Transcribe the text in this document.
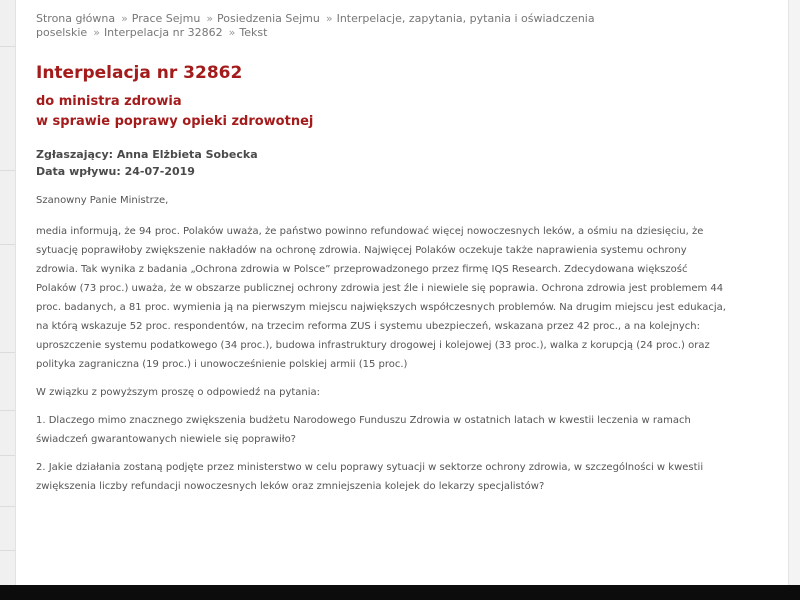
Strona główna » Prace Sejmu » Posiedzenia Sejmu » Interpelacje, zapytania, pytania i oświadczenia poselskie » Interpelacja nr 32862 » Tekst
Interpelacja nr 32862
do ministra zdrowia
w sprawie poprawy opieki zdrowotnej
Zgłaszający: Anna Elżbieta Sobecka
Data wpływu: 24-07-2019

Szanowny Panie Ministrze,

media informują, że 94 proc. Polaków uważa, że państwo powinno refundować więcej nowoczesnych leków, a ośmiu na dziesięciu, że sytuację poprawiłoby zwiększenie nakładów na ochronę zdrowia. Najwięcej Polaków oczekuje także naprawienia systemu ochrony zdrowia. Tak wynika z badania „Ochrona zdrowia w Polsce” przeprowadzonego przez firmę IQS Research. Zdecydowana większość Polaków (73 proc.) uważa, że w obszarze publicznej ochrony zdrowia jest źle i niewiele się poprawia. Ochrona zdrowia jest problemem 44 proc. badanych, a 81 proc. wymienia ją na pierwszym miejscu największych współczesnych problemów. Na drugim miejscu jest edukacja, na którą wskazuje 52 proc. respondentów, na trzecim reforma ZUS i systemu ubezpieczeń, wskazana przez 42 proc., a na kolejnych: uproszczenie systemu podatkowego (34 proc.), budowa infrastruktury drogowej i kolejowej (33 proc.), walka z korupcją (24 proc.) oraz polityka zagraniczna (19 proc.) i unowocześnienie polskiej armii (15 proc.)

W związku z powyższym proszę o odpowiedź na pytania:

1. Dlaczego mimo znacznego zwiększenia budżetu Narodowego Funduszu Zdrowia w ostatnich latach w kwestii leczenia w ramach świadczeń gwarantowanych niewiele się poprawiło?

2. Jakie działania zostaną podjęte przez ministerstwo w celu poprawy sytuacji w sektorze ochrony zdrowia, w szczególności w kwestii zwiększenia liczby refundacji nowoczesnych leków oraz zmniejszenia kolejek do lekarzy specjalistów?
